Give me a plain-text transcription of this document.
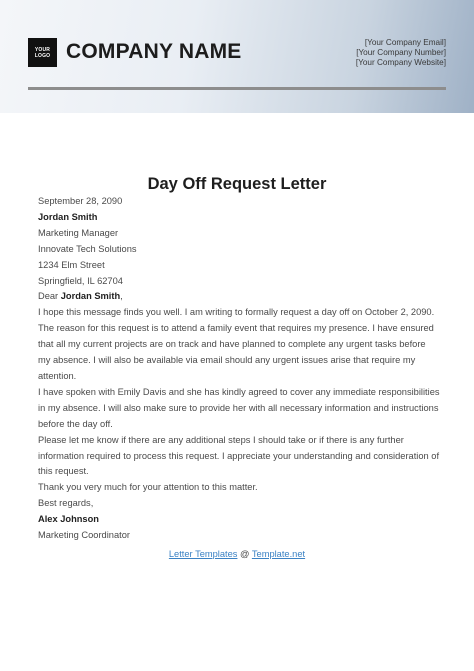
YOUR
LOGO COMPANY NAME	[Your Company Email]
[Your Company Number]
[Your Company Website]
Day Off Request Letter

September 28, 2090

Jordan Smith

Marketing Manager

Innovate Tech Solutions

1234 Elm Street

Springfield, IL 62704

Dear Jordan Smith,

I hope this message finds you well. I am writing to formally request a day off on October 2, 2090. The reason for this request is to attend a family event that requires my presence. I have ensured that all my current projects are on track and have planned to complete any urgent tasks before my absence. I will also be available via email should any urgent issues arise that require my attention.

I have spoken with Emily Davis and she has kindly agreed to cover any immediate responsibilities in my absence. I will also make sure to provide her with all necessary information and instructions before the day off.

Please let me know if there are any additional steps I should take or if there is any further information required to process this request. I appreciate your understanding and consideration of this request.

Thank you very much for your attention to this matter.

Best regards,

Alex Johnson

Marketing Coordinator

Letter Templates @ Template.net
